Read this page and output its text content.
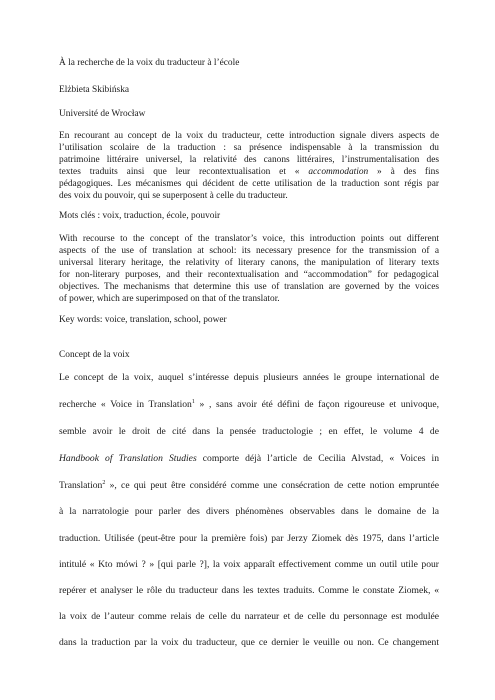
À la recherche de la voix du traducteur à l’école
Elżbieta Skibińska
Université de Wrocław

En recourant au concept de la voix du traducteur, cette introduction signale divers aspects de

l’utilisation scolaire de la traduction : sa présence indispensable à la transmission du

patrimoine littéraire universel, la relativité des canons littéraires, l’instrumentalisation des

textes traduits ainsi que leur recontextualisation et « accommodation » à des fins

pédagogiques. Les mécanismes qui décident de cette utilisation de la traduction sont régis par

des voix du pouvoir, qui se superposent à celle du traducteur.

Mots clés : voix, traduction, école, pouvoir

With recourse to the concept of the translator’s voice, this introduction points out different

aspects of the use of translation at school: its necessary presence for the transmission of a

universal literary heritage, the relativity of literary canons, the manipulation of literary texts

for non-literary purposes, and their recontextualisation and “accommodation” for pedagogical

objectives. The mechanisms that determine this use of translation are governed by the voices

of power, which are superimposed on that of the translator.

Key words: voice, translation, school, power
Concept de la voix
Le concept de la voix, auquel s’intéresse depuis plusieurs années le groupe international de
recherche « Voice in Translation$^1$ » , sans avoir été défini de façon rigoureuse et univoque,
semble avoir le droit de cité dans la pensée traductologie ; en effet, le volume 4 de
Handbook of Translation Studies comporte déjà l’article de Cecilia Alvstad, « Voices in
Translation$^2$ », ce qui peut être considéré comme une consécration de cette notion empruntée
à la narratologie pour parler des divers phénomènes observables dans le domaine de la
traduction. Utilisée (peut-être pour la première fois) par Jerzy Ziomek dès 1975, dans l’article
intitulé « Kto mówi ? » [qui parle ?], la voix apparaît effectivement comme un outil utile pour
repérer et analyser le rôle du traducteur dans les textes traduits. Comme le constate Ziomek, «
la voix de l’auteur comme relais de celle du narrateur et de celle du personnage est modulée
dans la traduction par la voix du traducteur, que ce dernier le veuille ou non. Ce changement
